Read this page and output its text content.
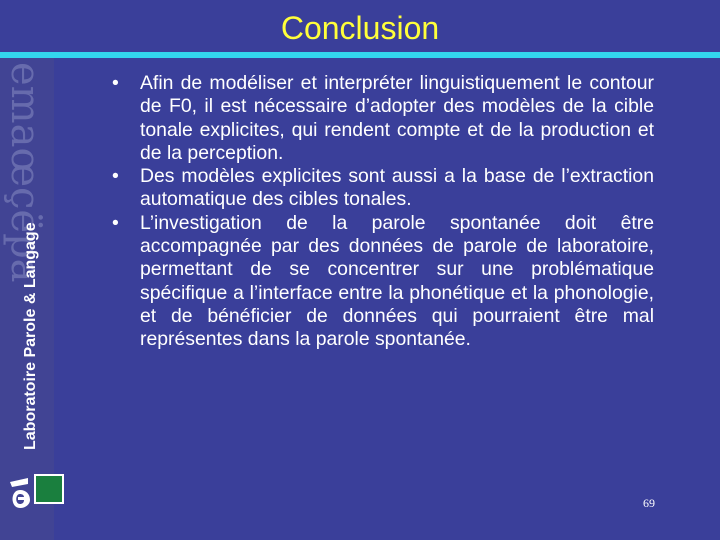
Conclusion
emaœçëpa
Laboratoire Parole & Langage
• Afin de modéliser et interpréter linguistiquement le contour de F0, il est nécessaire d’adopter des modèles de la cible tonale explicites, qui rendent compte et de la production et de la perception.
• Des modèles explicites sont aussi a la base de l’extraction automatique des cibles tonales.
• L’investigation de la parole spontanée doit être accompagnée par des données de parole de laboratoire, permettant de se concentrer sur une problématique spécifique a l’interface entre la phonétique et la phonologie, et de bénéficier de données qui pourraient être mal représentes dans la parole spontanée.
69
